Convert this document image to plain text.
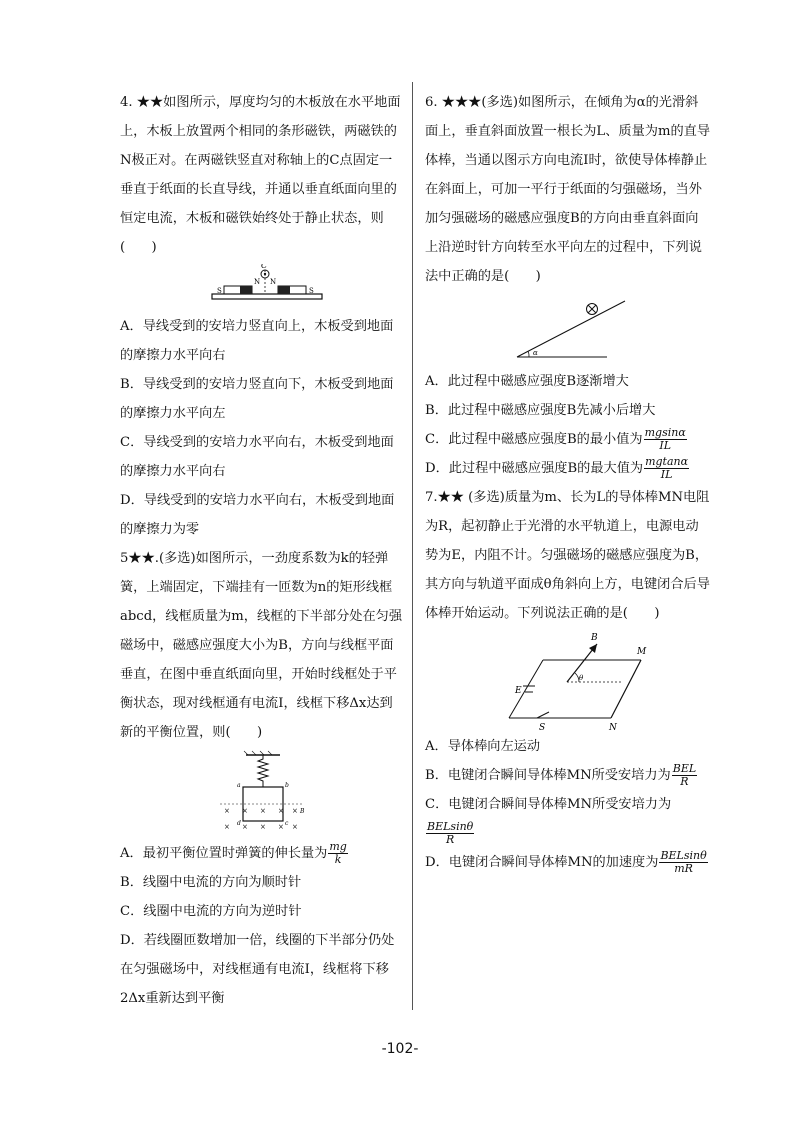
4. ★★如图所示，厚度均匀的木板放在水平地面上，木板上放置两个相同的条形磁铁，两磁铁的N极正对。在两磁铁竖直对称轴上的C点固定一垂直于纸面的长直导线，并通以垂直纸面向里的恒定电流，木板和磁铁始终处于静止状态，则(　　)

C
S
N N
S

A．导线受到的安培力竖直向上，木板受到地面的摩擦力水平向右

B．导线受到的安培力竖直向下，木板受到地面的摩擦力水平向左

C．导线受到的安培力水平向右，木板受到地面的摩擦力水平向右

D．导线受到的安培力水平向右，木板受到地面的摩擦力为零

5★★.(多选)如图所示，一劲度系数为k的轻弹簧，上端固定，下端挂有一匝数为n的矩形线框abcd，线框质量为m，线框的下半部分处在匀强磁场中，磁感应强度大小为B，方向与线框平面垂直，在图中垂直纸面向里，开始时线框处于平衡状态，现对线框通有电流I，线框下移Δx达到新的平衡位置，则(　　)

a	b
c
d
× × × × ×
× × × × ×
B

A．最初平衡位置时弹簧的伸长量为 $\frac{mg}{k}$

B．线圈中电流的方向为顺时针

C．线圈中电流的方向为逆时针

D．若线圈匝数增加一倍，线圈的下半部分仍处在匀强磁场中，对线框通有电流I，线框将下移2Δx重新达到平衡

6. ★★★(多选)如图所示，在倾角为α的光滑斜面上，垂直斜面放置一根长为L、质量为m的直导体棒，当通以图示方向电流I时，欲使导体棒静止在斜面上，可加一平行于纸面的匀强磁场，当外加匀强磁场的磁感应强度B的方向由垂直斜面向上沿逆时针方向转至水平向左的过程中，下列说法中正确的是(　　)

α

A．此过程中磁感应强度B逐渐增大

B．此过程中磁感应强度B先减小后增大

C．此过程中磁感应强度B的最小值为 $\frac{mgsin\alpha}{IL}$

D．此过程中磁感应强度B的最大值为 $\frac{mgtan\alpha}{IL}$

7.★★ (多选)质量为m、长为L的导体棒MN电阻为R，起初静止于光滑的水平轨道上，电源电动势为E，内阻不计。匀强磁场的磁感应强度为B，其方向与轨道平面成θ角斜向上方，电键闭合后导体棒开始运动。下列说法正确的是(　　)

E
S
M
N
B
θ

A．导体棒向左运动

B．电键闭合瞬间导体棒MN所受安培力为 $\frac{\text{BEL}}{R}$

C．电键闭合瞬间导体棒MN所受安培力为
$\frac{\text{BELsinθ}}{R}$

D．电键闭合瞬间导体棒MN的加速度为 $\frac{\text{BELsinθ}}{mR}$

-102-
